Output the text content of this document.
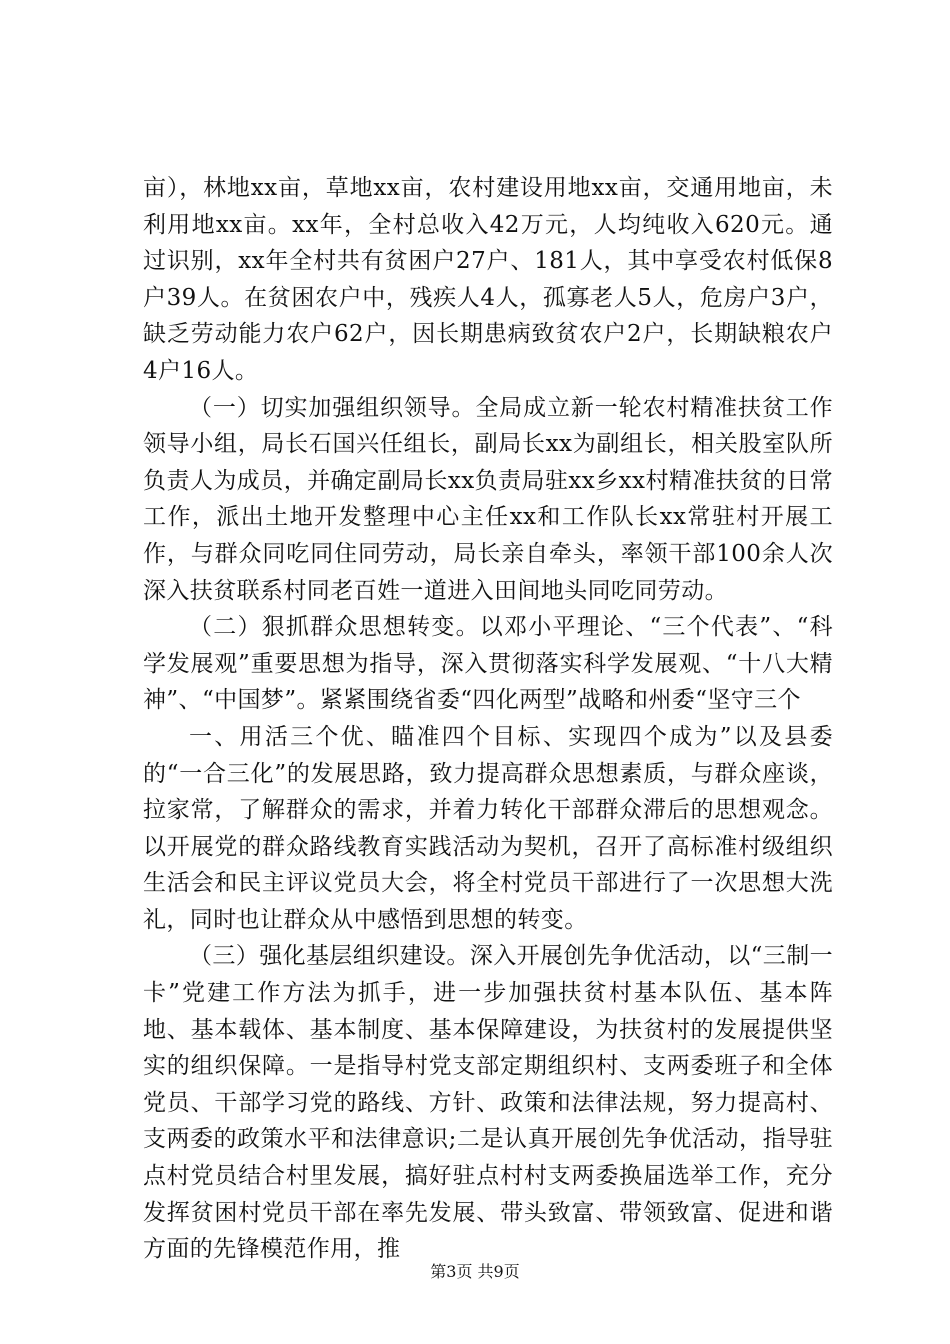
亩），林地xx亩，草地xx亩，农村建设用地xx亩，交通用地亩，未利用地xx亩。xx年，全村总收入42万元，人均纯收入620元。通过识别，xx年全村共有贫困户27户、181人，其中享受农村低保8户39人。在贫困农户中，残疾人4人，孤寡老人5人，危房户3户，缺乏劳动能力农户62户，因长期患病致贫农户2户，长期缺粮农户4户16人。

（一）切实加强组织领导。全局成立新一轮农村精准扶贫工作领导小组，局长石国兴任组长，副局长xx为副组长，相关股室队所负责人为成员，并确定副局长xx负责局驻xx乡xx村精准扶贫的日常工作，派出土地开发整理中心主任xx和工作队长xx常驻村开展工作，与群众同吃同住同劳动，局长亲自牵头，率领干部100余人次深入扶贫联系村同老百姓一道进入田间地头同吃同劳动。

（二）狠抓群众思想转变。以邓小平理论、“三个代表”、“科学发展观”重要思想为指导，深入贯彻落实科学发展观、“十八大精神”、“中国梦”。紧紧围绕省委“四化两型”战略和州委“坚守三个

一、用活三个优、瞄准四个目标、实现四个成为”以及县委的“一合三化”的发展思路，致力提高群众思想素质，与群众座谈，拉家常，了解群众的需求，并着力转化干部群众滞后的思想观念。以开展党的群众路线教育实践活动为契机，召开了高标准村级组织生活会和民主评议党员大会，将全村党员干部进行了一次思想大洗礼，同时也让群众从中感悟到思想的转变。

（三）强化基层组织建设。深入开展创先争优活动，以“三制一卡”党建工作方法为抓手，进一步加强扶贫村基本队伍、基本阵地、基本载体、基本制度、基本保障建设，为扶贫村的发展提供坚实的组织保障。一是指导村党支部定期组织村、支两委班子和全体党员、干部学习党的路线、方针、政策和法律法规，努力提高村、支两委的政策水平和法律意识;二是认真开展创先争优活动，指导驻点村党员结合村里发展，搞好驻点村村支两委换届选举工作，充分发挥贫困村党员干部在率先发展、带头致富、带领致富、促进和谐方面的先锋模范作用，推

第3页 共9页
